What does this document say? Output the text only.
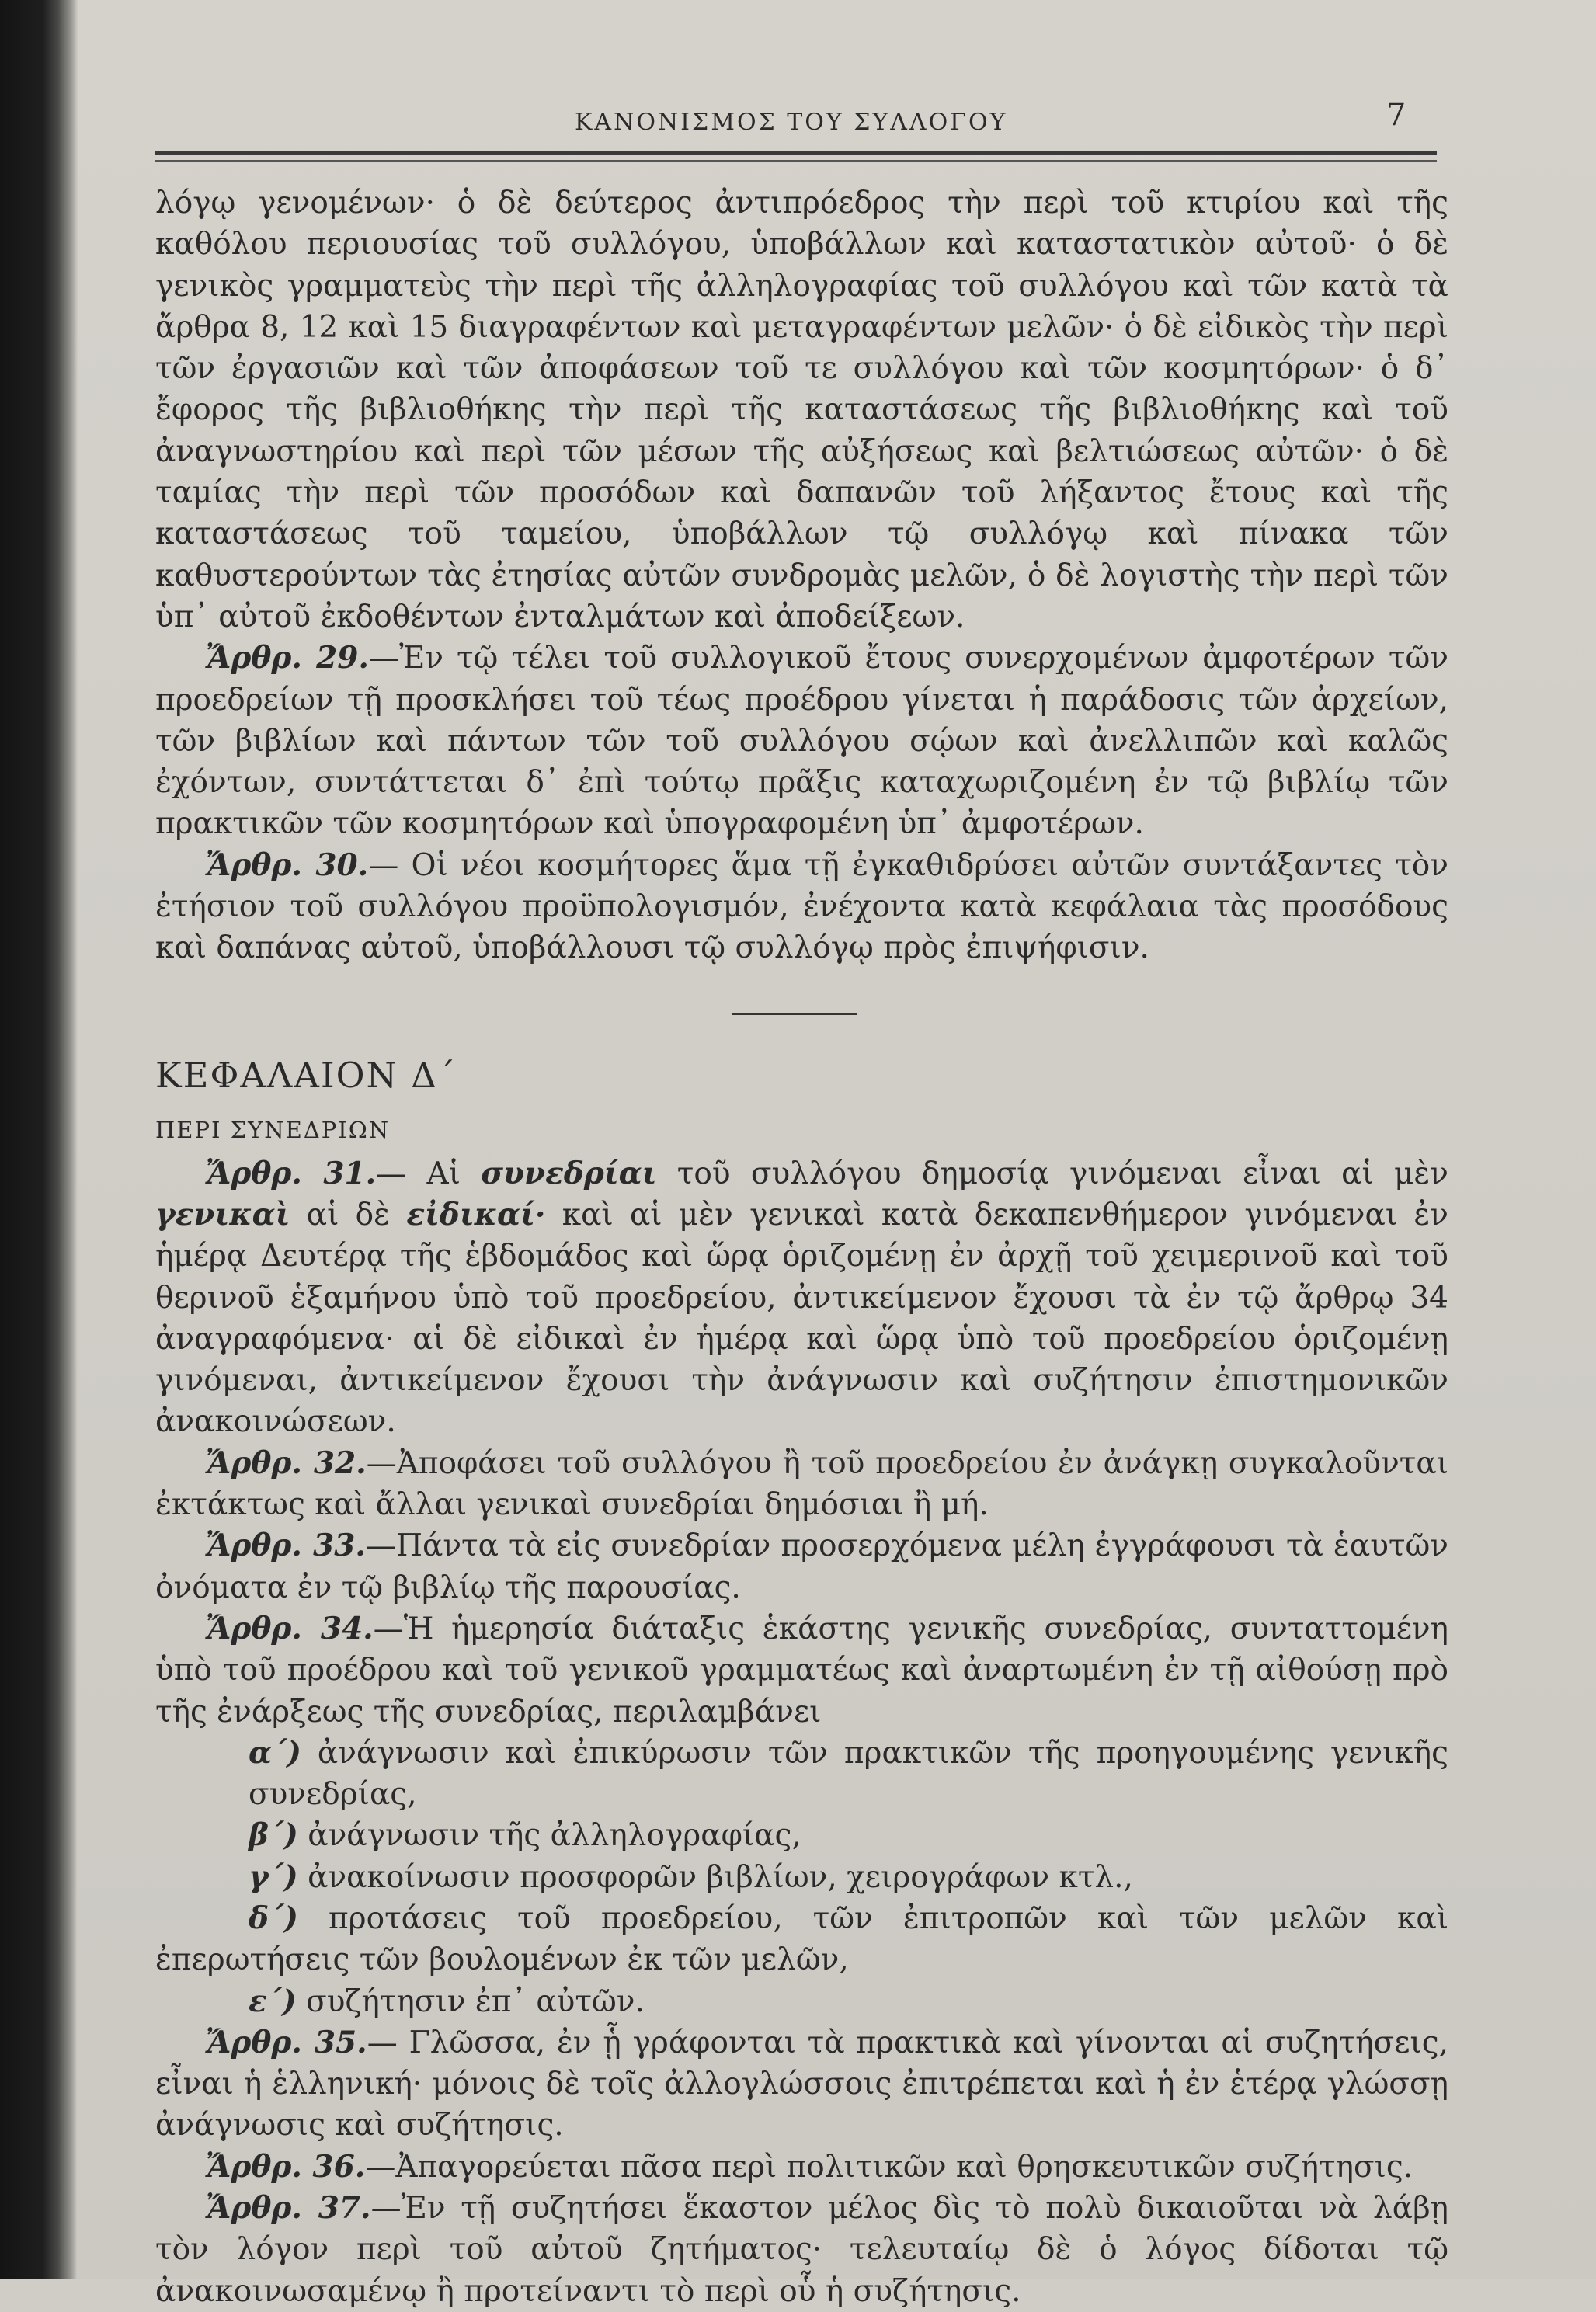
ΚΑΝΟΝΙΣΜΟΣ ΤΟΥ ΣΥΛΛΟΓΟΥ	7

λόγῳ γενομένων· ὁ δὲ δεύτερος ἀντιπρόεδρος τὴν περὶ τοῦ κτιρίου καὶ τῆς καθόλου περιουσίας τοῦ συλλόγου, ὑποβάλλων καὶ καταστατικὸν αὐτοῦ· ὁ δὲ γενικὸς γραμματεὺς τὴν περὶ τῆς ἀλληλογραφίας τοῦ συλλόγου καὶ τῶν κατὰ τὰ ἄρθρα 8, 12 καὶ 15 διαγραφέντων καὶ μεταγραφέντων μελῶν· ὁ δὲ εἰδικὸς τὴν περὶ τῶν ἐργασιῶν καὶ τῶν ἀποφάσεων τοῦ τε συλλόγου καὶ τῶν κοσμητόρων· ὁ δ᾽ ἔφορος τῆς βιβλιοθήκης τὴν περὶ τῆς καταστάσεως τῆς βιβλιοθήκης καὶ τοῦ ἀναγνωστηρίου καὶ περὶ τῶν μέσων τῆς αὐξήσεως καὶ βελτιώσεως αὐτῶν· ὁ δὲ ταμίας τὴν περὶ τῶν προσόδων καὶ δαπανῶν τοῦ λήξαντος ἔτους καὶ τῆς καταστάσεως τοῦ ταμείου, ὑποβάλλων τῷ συλλόγῳ καὶ πίνακα τῶν καθυστερούντων τὰς ἐτησίας αὐτῶν συνδρομὰς μελῶν, ὁ δὲ λογιστὴς τὴν περὶ τῶν ὑπ᾽ αὐτοῦ ἐκδοθέντων ἐνταλμάτων καὶ ἀποδείξεων.

Ἄρθρ. 29.—Ἐν τῷ τέλει τοῦ συλλογικοῦ ἔτους συνερχομένων ἀμφοτέρων τῶν προεδρείων τῇ προσκλήσει τοῦ τέως προέδρου γίνεται ἡ παράδοσις τῶν ἀρχείων, τῶν βιβλίων καὶ πάντων τῶν τοῦ συλλόγου σῴων καὶ ἀνελλιπῶν καὶ καλῶς ἐχόντων, συντάττεται δ᾽ ἐπὶ τούτῳ πρᾶξις καταχωριζομένη ἐν τῷ βιβλίῳ τῶν πρακτικῶν τῶν κοσμητόρων καὶ ὑπογραφομένη ὑπ᾽ ἀμφοτέρων.

Ἄρθρ. 30.— Οἱ νέοι κοσμήτορες ἅμα τῇ ἐγκαθιδρύσει αὐτῶν συντάξαντες τὸν ἐτήσιον τοῦ συλλόγου προϋπολογισμόν, ἐνέχοντα κατὰ κεφάλαια τὰς προσόδους καὶ δαπάνας αὐτοῦ, ὑποβάλλουσι τῷ συλλόγῳ πρὸς ἐπιψήφισιν.

ΚΕΦΑΛΑΙΟΝ Δ΄

ΠΕΡΙ ΣΥΝΕΔΡΙΩΝ

Ἄρθρ. 31.— Αἱ συνεδρίαι τοῦ συλλόγου δημοσίᾳ γινόμεναι εἶναι αἱ μὲν γενικαὶ αἱ δὲ εἰδικαί· καὶ αἱ μὲν γενικαὶ κατὰ δεκαπενθήμερον γινόμεναι ἐν ἡμέρᾳ Δευτέρᾳ τῆς ἑβδομάδος καὶ ὥρᾳ ὁριζομένῃ ἐν ἀρχῇ τοῦ χειμερινοῦ καὶ τοῦ θερινοῦ ἑξαμήνου ὑπὸ τοῦ προεδρείου, ἀντικείμενον ἔχουσι τὰ ἐν τῷ ἄρθρῳ 34 ἀναγραφόμενα· αἱ δὲ εἰδικαὶ ἐν ἡμέρᾳ καὶ ὥρᾳ ὑπὸ τοῦ προεδρείου ὁριζομένῃ γινόμεναι, ἀντικείμενον ἔχουσι τὴν ἀνάγνωσιν καὶ συζήτησιν ἐπιστημονικῶν ἀνακοινώσεων.

Ἄρθρ. 32.—Ἀποφάσει τοῦ συλλόγου ἢ τοῦ προεδρείου ἐν ἀνάγκῃ συγκαλοῦνται ἐκτάκτως καὶ ἄλλαι γενικαὶ συνεδρίαι δημόσιαι ἢ μή.

Ἄρθρ. 33.—Πάντα τὰ εἰς συνεδρίαν προσερχόμενα μέλη ἐγγράφουσι τὰ ἑαυτῶν ὀνόματα ἐν τῷ βιβλίῳ τῆς παρουσίας.

Ἄρθρ. 34.—Ἡ ἡμερησία διάταξις ἑκάστης γενικῆς συνεδρίας, συνταττομένη ὑπὸ τοῦ προέδρου καὶ τοῦ γενικοῦ γραμματέως καὶ ἀναρτωμένη ἐν τῇ αἰθούσῃ πρὸ τῆς ἐνάρξεως τῆς συνεδρίας, περιλαμβάνει

α΄) ἀνάγνωσιν καὶ ἐπικύρωσιν τῶν πρακτικῶν τῆς προηγουμένης γενικῆς συνεδρίας,

β΄) ἀνάγνωσιν τῆς ἀλληλογραφίας,

γ΄) ἀνακοίνωσιν προσφορῶν βιβλίων, χειρογράφων κτλ.,

δ΄) προτάσεις τοῦ προεδρείου, τῶν ἐπιτροπῶν καὶ τῶν μελῶν καὶ ἐπερωτήσεις τῶν βουλομένων ἐκ τῶν μελῶν,

ε΄) συζήτησιν ἐπ᾽ αὐτῶν.

Ἄρθρ. 35.— Γλῶσσα, ἐν ᾗ γράφονται τὰ πρακτικὰ καὶ γίνονται αἱ συζητήσεις, εἶναι ἡ ἑλληνική· μόνοις δὲ τοῖς ἀλλογλώσσοις ἐπιτρέπεται καὶ ἡ ἐν ἑτέρᾳ γλώσσῃ ἀνάγνωσις καὶ συζήτησις.

Ἄρθρ. 36.—Ἀπαγορεύεται πᾶσα περὶ πολιτικῶν καὶ θρησκευτικῶν συζήτησις.

Ἄρθρ. 37.—Ἐν τῇ συζητήσει ἕκαστον μέλος δὶς τὸ πολὺ δικαιοῦται νὰ λάβῃ τὸν λόγον περὶ τοῦ αὐτοῦ ζητήματος· τελευταίῳ δὲ ὁ λόγος δίδοται τῷ ἀνακοινωσαμένῳ ἢ προτείναντι τὸ περὶ οὗ ἡ συζήτησις.
